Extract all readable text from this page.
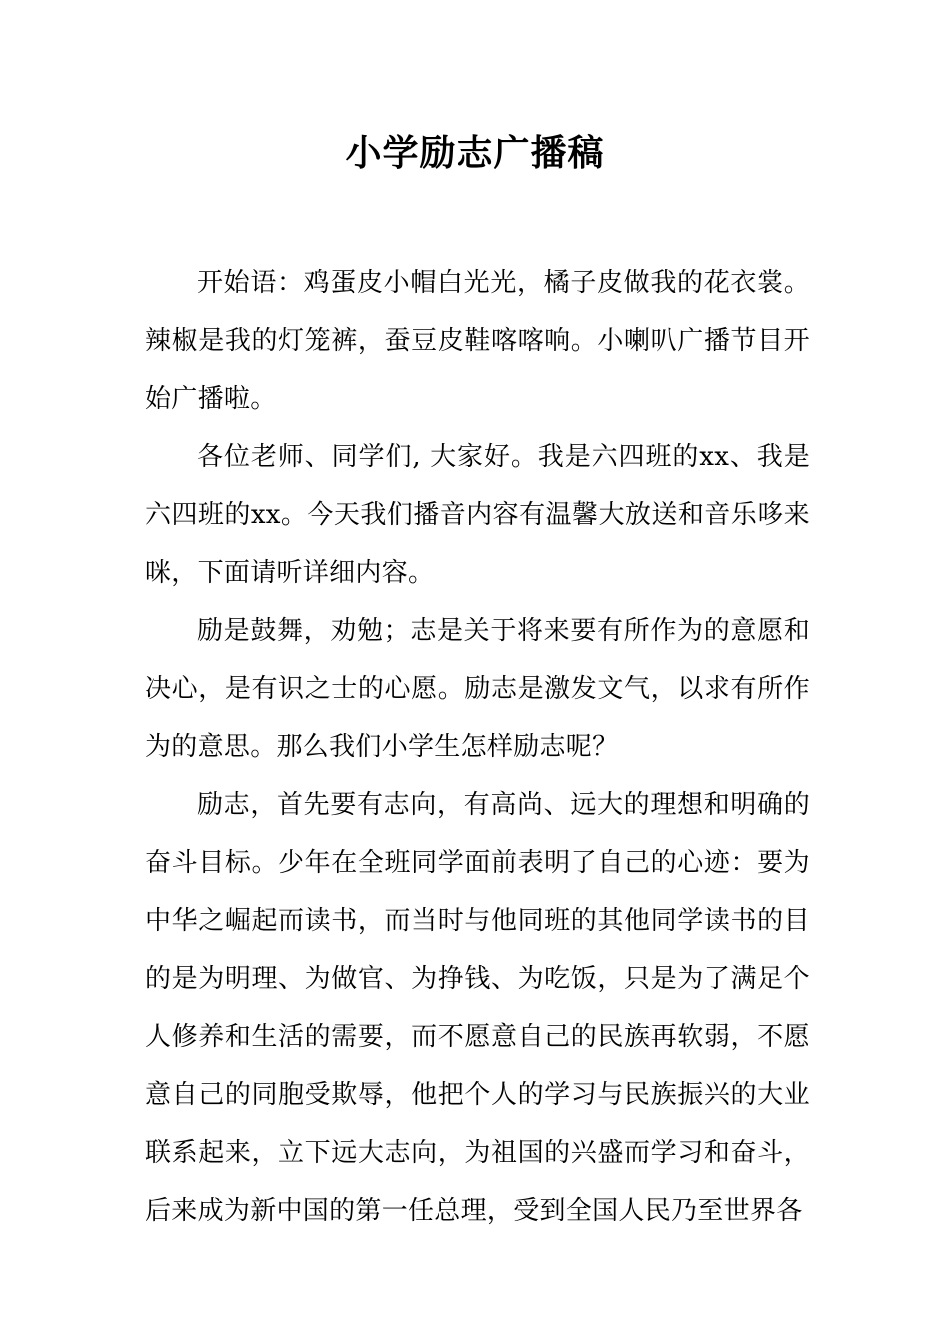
小学励志广播稿

开始语：鸡蛋皮小帽白光光，橘子皮做我的花衣裳。辣椒是我的灯笼裤，蚕豆皮鞋喀喀响。小喇叭广播节目开始广播啦。

各位老师、同学们, 大家好。我是六四班的xx、我是六四班的xx。今天我们播音内容有温馨大放送和音乐哆来咪，下面请听详细内容。

励是鼓舞，劝勉；志是关于将来要有所作为的意愿和决心，是有识之士的心愿。励志是激发文气，以求有所作为的意思。那么我们小学生怎样励志呢？

励志，首先要有志向，有高尚、远大的理想和明确的奋斗目标。少年在全班同学面前表明了自己的心迹：要为中华之崛起而读书，而当时与他同班的其他同学读书的目的是为明理、为做官、为挣钱、为吃饭，只是为了满足个人修养和生活的需要，而不愿意自己的民族再软弱，不愿意自己的同胞受欺辱，他把个人的学习与民族振兴的大业联系起来，立下远大志向，为祖国的兴盛而学习和奋斗，后来成为新中国的第一任总理，受到全国人民乃至世界各
